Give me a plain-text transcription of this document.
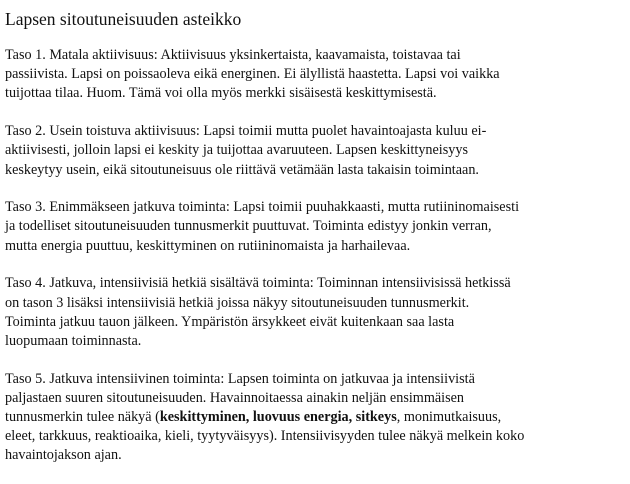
Lapsen sitoutuneisuuden asteikko

Taso 1. Matala aktiivisuus: Aktiivisuus yksinkertaista, kaavamaista, toistavaa tai

passiivista. Lapsi on poissaoleva eikä energinen. Ei älyllistä haastetta. Lapsi voi vaikka

tuijottaa tilaa. Huom. Tämä voi olla myös merkki sisäisestä keskittymisestä.

Taso 2. Usein toistuva aktiivisuus: Lapsi toimii mutta puolet havaintoajasta kuluu ei-

aktiivisesti, jolloin lapsi ei keskity ja tuijottaa avaruuteen. Lapsen keskittyneisyys

keskeytyy usein, eikä sitoutuneisuus ole riittävä vetämään lasta takaisin toimintaan.

Taso 3. Enimmäkseen jatkuva toiminta: Lapsi toimii puuhakkaasti, mutta rutiininomaisesti

ja todelliset sitoutuneisuuden tunnusmerkit puuttuvat. Toiminta edistyy jonkin verran,

mutta energia puuttuu, keskittyminen on rutiininomaista ja harhailevaa.

Taso 4. Jatkuva, intensiivisiä hetkiä sisältävä toiminta: Toiminnan intensiivisissä hetkissä

on tason 3 lisäksi intensiivisiä hetkiä joissa näkyy sitoutuneisuuden tunnusmerkit.

Toiminta jatkuu tauon jälkeen. Ympäristön ärsykkeet eivät kuitenkaan saa lasta

luopumaan toiminnasta.

Taso 5. Jatkuva intensiivinen toiminta: Lapsen toiminta on jatkuvaa ja intensiivistä

paljastaen suuren sitoutuneisuuden. Havainnoitaessa ainakin neljän ensimmäisen

tunnusmerkin tulee näkyä (keskittyminen, luovuus energia, sitkeys, monimutkaisuus,

eleet, tarkkuus, reaktioaika, kieli, tyytyväisyys). Intensiivisyyden tulee näkyä melkein koko

havaintojakson ajan.
